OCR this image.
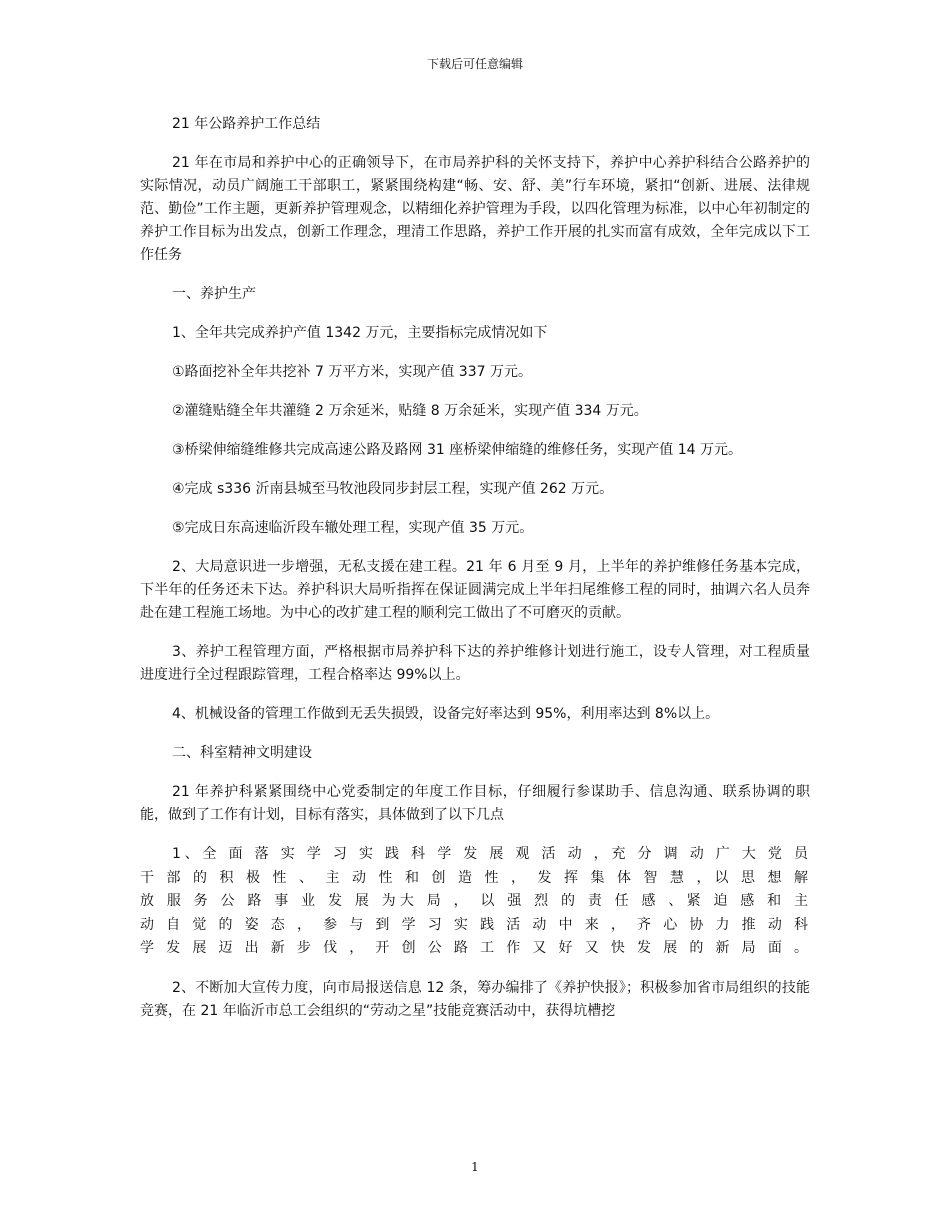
下载后可任意编辑

21 年公路养护工作总结

21 年在市局和养护中心的正确领导下，在市局养护科的关怀支持下，养护中心养护科结合公路养护的实际情况，动员广阔施工干部职工，紧紧围绕构建“畅、安、舒、美”行车环境，紧扣“创新、进展、法律规范、勤俭”工作主题，更新养护管理观念，以精细化养护管理为手段，以四化管理为标准，以中心年初制定的养护工作目标为出发点，创新工作理念，理清工作思路，养护工作开展的扎实而富有成效，全年完成以下工作任务

一、养护生产

1、全年共完成养护产值 1342 万元，主要指标完成情况如下

①路面挖补全年共挖补 7 万平方米，实现产值 337 万元。

②灌缝贴缝全年共灌缝 2 万余延米，贴缝 8 万余延米，实现产值 334 万元。

③桥梁伸缩缝维修共完成高速公路及路网 31 座桥梁伸缩缝的维修任务，实现产值 14 万元。

④完成 s336 沂南县城至马牧池段同步封层工程，实现产值 262 万元。

⑤完成日东高速临沂段车辙处理工程，实现产值 35 万元。

2、大局意识进一步增强，无私支援在建工程。21 年 6 月至 9 月，上半年的养护维修任务基本完成，下半年的任务还未下达。养护科识大局听指挥在保证圆满完成上半年扫尾维修工程的同时，抽调六名人员奔赴在建工程施工场地。为中心的改扩建工程的顺利完工做出了不可磨灭的贡献。

3、养护工程管理方面，严格根据市局养护科下达的养护维修计划进行施工，设专人管理，对工程质量进度进行全过程跟踪管理，工程合格率达 99%以上。

4、机械设备的管理工作做到无丢失损毁，设备完好率达到 95%，利用率达到 8%以上。

二、科室精神文明建设

21 年养护科紧紧围绕中心党委制定的年度工作目标，仔细履行参谋助手、信息沟通、联系协调的职能，做到了工作有计划，目标有落实，具体做到了以下几点

1、全 面 落 实 学 习 实 践 科 学 发 展 观 活 动 ，充 分 调 动 广 大 党 员
干 部 的 积 极 性 、 主 动 性 和 创 造 性 ， 发 挥 集 体 智 慧 ，以 思 想 解
放 服 务 公 路 事 业 发 展 为大 局 ， 以 强 烈 的 责 任 感 、紧 迫 感 和 主
动 自 觉 的 姿 态 ， 参 与 到 学 习 实 践 活 动 中 来 ， 齐 心 协 力 推 动 科
学 发 展 迈 出 新 步 伐 ， 开 创 公 路 工 作 又 好 又 快 发 展 的 新 局 面 。

2、不断加大宣传力度，向市局报送信息 12 条，筹办编排了《养护快报》；积极参加省市局组织的技能竞赛，在 21 年临沂市总工会组织的“劳动之星”技能竞赛活动中，获得坑槽挖

1
